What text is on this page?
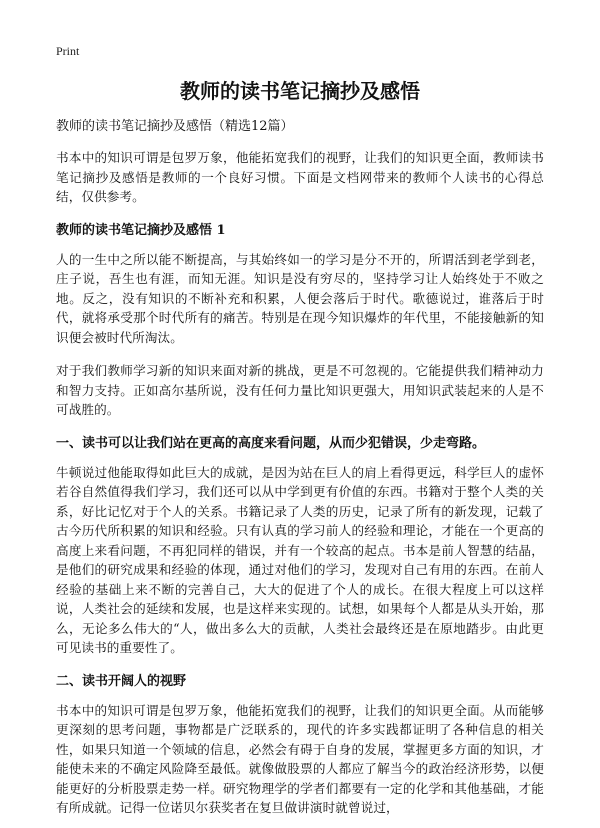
Print
教师的读书笔记摘抄及感悟
教师的读书笔记摘抄及感悟（精选12篇）

书本中的知识可谓是包罗万象，他能拓宽我们的视野，让我们的知识更全面，教师读书笔记摘抄及感悟是教师的一个良好习惯。下面是文档网带来的教师个人读书的心得总结，仅供参考。

教师的读书笔记摘抄及感悟 1

人的一生中之所以能不断提高，与其始终如一的学习是分不开的，所谓活到老学到老，庄子说，吾生也有涯，而知无涯。知识是没有穷尽的，坚持学习让人始终处于不败之地。反之，没有知识的不断补充和积累，人便会落后于时代。歌德说过，谁落后于时代，就将承受那个时代所有的痛苦。特别是在现今知识爆炸的年代里，不能接触新的知识便会被时代所淘汰。

对于我们教师学习新的知识来面对新的挑战，更是不可忽视的。它能提供我们精神动力和智力支持。正如高尔基所说，没有任何力量比知识更强大，用知识武装起来的人是不可战胜的。

一、读书可以让我们站在更高的高度来看问题，从而少犯错误，少走弯路。

牛顿说过他能取得如此巨大的成就，是因为站在巨人的肩上看得更远，科学巨人的虚怀若谷自然值得我们学习，我们还可以从中学到更有价值的东西。书籍对于整个人类的关系，好比记忆对于个人的关系。书籍记录了人类的历史，记录了所有的新发现，记载了古今历代所积累的知识和经验。只有认真的学习前人的经验和理论，才能在一个更高的高度上来看问题，不再犯同样的错误，并有一个较高的起点。书本是前人智慧的结晶，是他们的研究成果和经验的体现，通过对他们的学习，发现对自己有用的东西。在前人经验的基础上来不断的完善自己，大大的促进了个人的成长。在很大程度上可以这样说，人类社会的延续和发展，也是这样来实现的。试想，如果每个人都是从头开始，那么，无论多么伟大的“人，做出多么大的贡献，人类社会最终还是在原地踏步。由此更可见读书的重要性了。

二、读书开阔人的视野

书本中的知识可谓是包罗万象，他能拓宽我们的视野，让我们的知识更全面。从而能够更深刻的思考问题，事物都是广泛联系的，现代的许多实践都证明了各种信息的相关性，如果只知道一个领域的信息，必然会有碍于自身的发展，掌握更多方面的知识，才能使未来的不确定风险降至最低。就像做股票的人都应了解当今的政治经济形势，以便能更好的分析股票走势一样。研究物理学的学者们都要有一定的化学和其他基础，才能有所成就。记得一位诺贝尔获奖者在复旦做讲演时就曾说过，
